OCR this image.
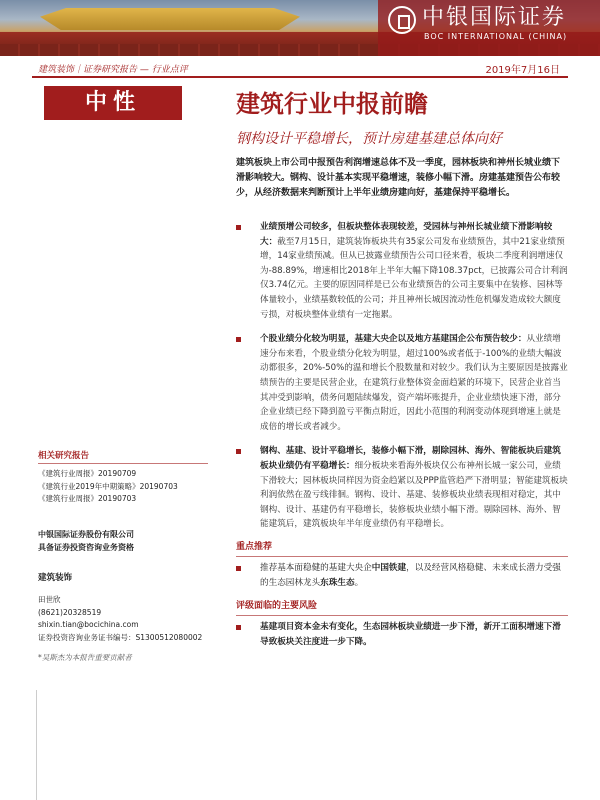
中银国际证券
BOC INTERNATIONAL (CHINA)
建筑装饰｜证券研究报告 — 行业点评	2019年7月16日
中性	建筑行业中报前瞻
钢构设计平稳增长，预计房建基建总体向好
建筑板块上市公司中报预告利润增速总体不及一季度，园林板块和神州长城业绩下滑影响较大。钢构、设计基本实现平稳增速，装修小幅下滑。房建基建预告公布较少，从经济数据来判断预计上半年业绩房建向好，基建保持平稳增长。
业绩预增公司较多，但板块整体表现较差，受园林与神州长城业绩下滑影响较大：截至7月15日，建筑装饰板块共有35家公司发布业绩预告，其中21家业绩预增，14家业绩预减。但从已披露业绩预告公司口径来看，板块二季度利润增速仅为-88.89%，增速相比2018年上半年大幅下降108.37pct，已披露公司合计利润仅3.74亿元。主要的原因同样是已公布业绩预告的公司主要集中在装修、园林等体量较小，业绩基数较低的公司；并且神州长城因流动性危机爆发造成较大额度亏损，对板块整体业绩有一定拖累。
个股业绩分化较为明显，基建大央企以及地方基建国企公布预告较少：从业绩增速分布来看，个股业绩分化较为明显，超过100%或者低于-100%的业绩大幅波动都很多，20%-50%的温和增长个股数量和对较少。我们认为主要原因是披露业绩预告的主要是民营企业，在建筑行业整体资金面趋紧的环境下，民营企业首当其冲受到影响，债务问题陆续爆发，资产端坏账提升，企业业绩快速下滑，部分企业业绩已经下降到盈亏平衡点附近，因此小范围的利润变动体现到增速上就是成倍的增长或者减少。
钢构、基建、设计平稳增长，装修小幅下滑，剔除园林、海外、智能板块后建筑板块业绩仍有平稳增长：细分板块来看海外板块仅公布神州长城一家公司，业绩下滑较大；园林板块同样因为资金趋紧以及PPP监管趋严下滑明显；智能建筑板块利润依然在盈亏线徘徊。钢构、设计、基建、装修板块业绩表现相对稳定，其中钢构、设计、基建仍有平稳增长，装修板块业绩小幅下滑。剔除园林、海外、智能建筑后，建筑板块年半年度业绩仍有平稳增长。
重点推荐
推荐基本面稳健的基建大央企中国铁建，以及经营风格稳健、未来成长潜力受强的生态园林龙头东珠生态。
评级面临的主要风险
基建项目资本金未有变化，生态园林板块业绩进一步下滑，新开工面积增速下滑导致板块关注度进一步下降。
相关研究报告
《建筑行业周报》20190709
《建筑行业2019年中期策略》20190703
《建筑行业周报》20190703
中银国际证券股份有限公司
具备证券投资咨询业务资格
建筑装饰
田世欣
(8621)20328519
shixin.tian@bocichina.com
证券投资咨询业务证书编号：S1300512080002
*吴斯杰为本报告重要贡献者
